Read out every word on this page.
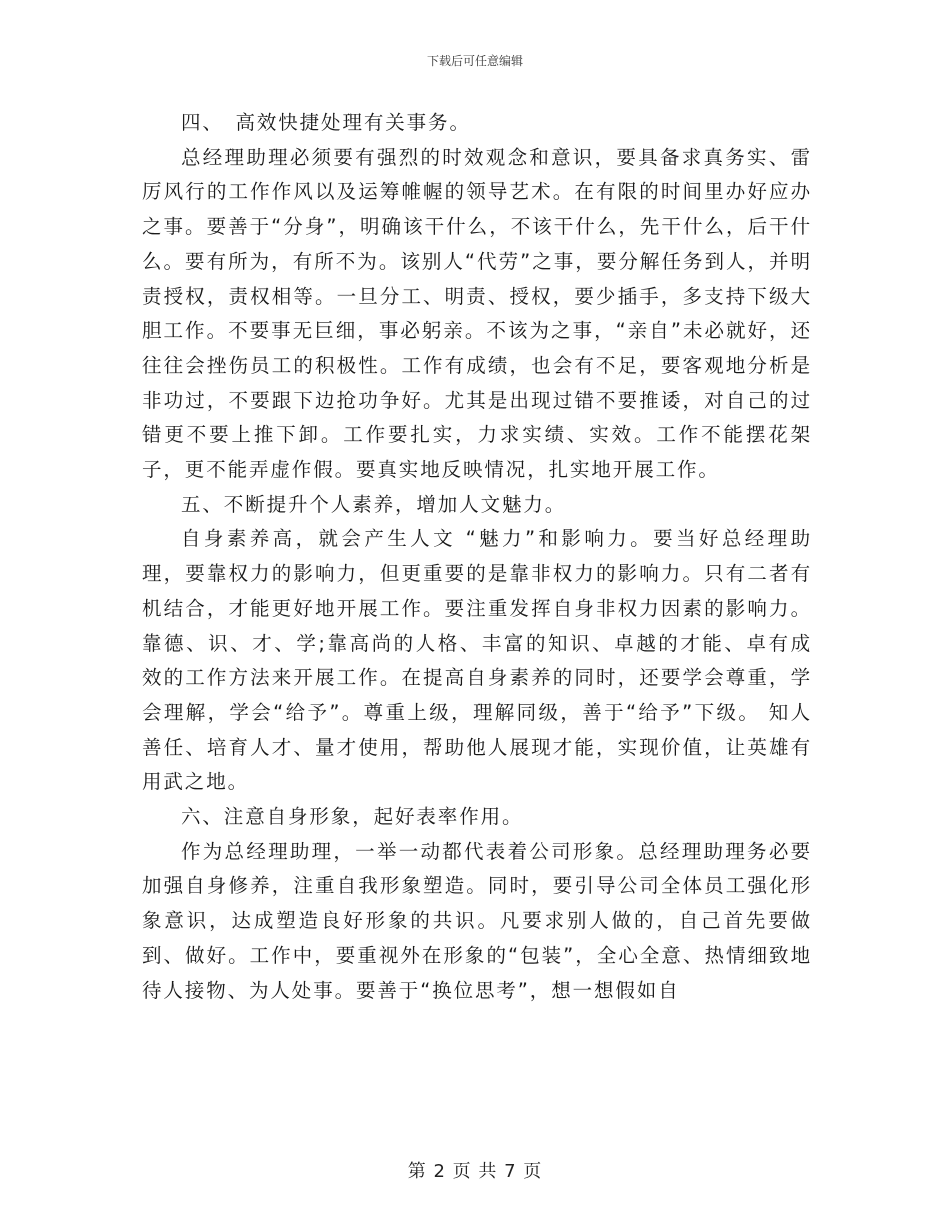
下载后可任意编辑

四、　高效快捷处理有关事务。

总经理助理必须要有强烈的时效观念和意识，要具备求真务实、雷厉风行的工作作风以及运筹帷幄的领导艺术。在有限的时间里办好应办之事。要善于“分身”，明确该干什么，不该干什么，先干什么，后干什么。要有所为，有所不为。该别人“代劳”之事，要分解任务到人，并明责授权，责权相等。一旦分工、明责、授权，要少插手，多支持下级大胆工作。不要事无巨细，事必躬亲。不该为之事，“亲自”未必就好，还往往会挫伤员工的积极性。工作有成绩，也会有不足，要客观地分析是非功过，不要跟下边抢功争好。尤其是出现过错不要推诿，对自己的过错更不要上推下卸。工作要扎实，力求实绩、实效。工作不能摆花架子，更不能弄虚作假。要真实地反映情况，扎实地开展工作。

五、不断提升个人素养，增加人文魅力。

自身素养高，就会产生人文 “魅力”和影响力。要当好总经理助理，要靠权力的影响力，但更重要的是靠非权力的影响力。只有二者有机结合，才能更好地开展工作。要注重发挥自身非权力因素的影响力。靠德、识、才、学;靠高尚的人格、丰富的知识、卓越的才能、卓有成效的工作方法来开展工作。在提高自身素养的同时，还要学会尊重，学会理解，学会“给予”。尊重上级，理解同级，善于“给予”下级。 知人善任、培育人才、量才使用，帮助他人展现才能，实现价值，让英雄有用武之地。

六、注意自身形象，起好表率作用。

作为总经理助理，一举一动都代表着公司形象。总经理助理务必要加强自身修养，注重自我形象塑造。同时，要引导公司全体员工强化形象意识，达成塑造良好形象的共识。凡要求别人做的，自己首先要做到、做好。工作中，要重视外在形象的“包装”，全心全意、热情细致地待人接物、为人处事。要善于“换位思考”，想一想假如自

第 2 页 共 7 页
